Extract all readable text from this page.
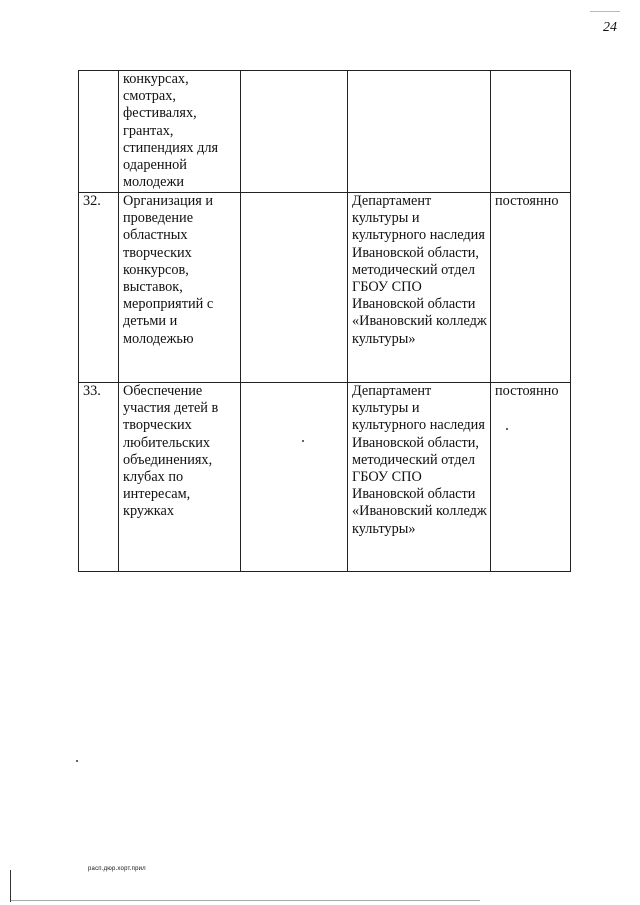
24
	конкурсах, смотрах, фестивалях, грантах, стипендиях для одаренной молодежи			
32.	Организация и проведение областных творческих конкурсов, выставок, мероприятий с детьми и молодежью		Департамент культуры и культурного наследия Ивановской области, методический отдел ГБОУ СПО Ивановской области «Ивановский колледж культуры»	постоянно
33.	Обеспечение участия детей в творческих любительских объединениях, клубах по интересам, кружках		Департамент культуры и культурного наследия Ивановской области, методический отдел ГБОУ СПО Ивановской области «Ивановский колледж культуры»	постоянно
расп.дюр.хорт.прил
